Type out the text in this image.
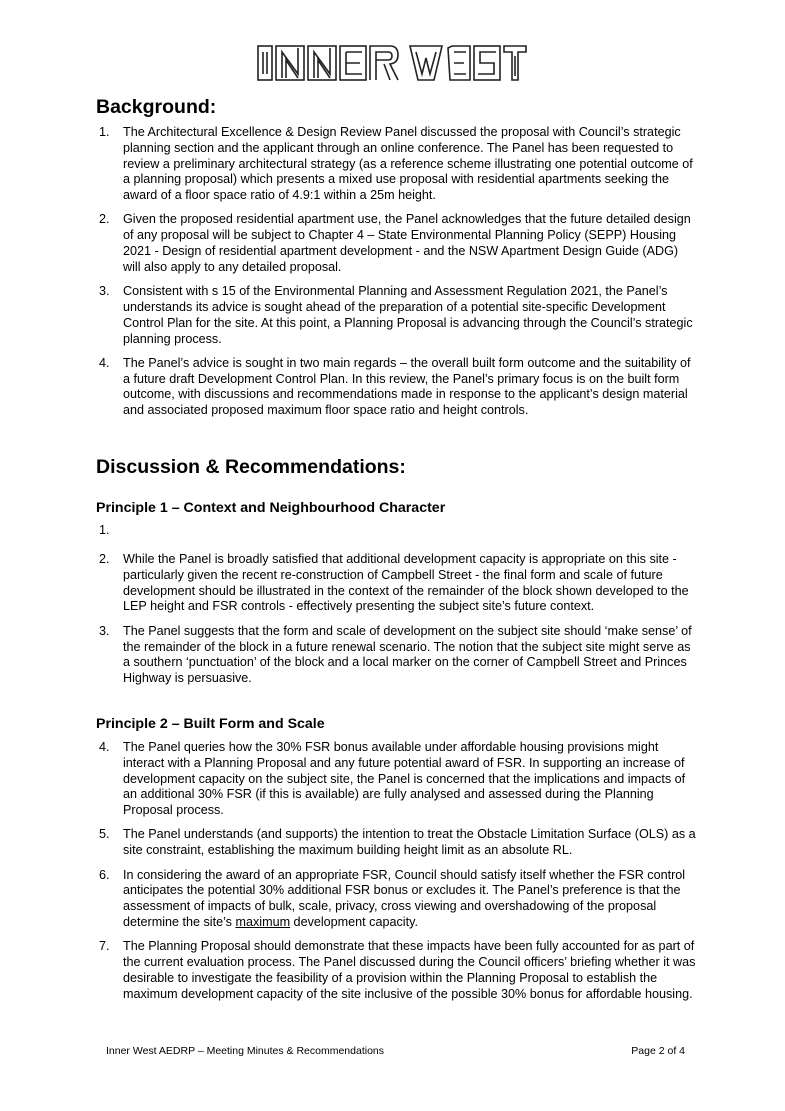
Background:
1. The Architectural Excellence & Design Review Panel discussed the proposal with Council’s strategic planning section and the applicant through an online conference. The Panel has been requested to review a preliminary architectural strategy (as a reference scheme illustrating one potential outcome of a planning proposal) which presents a mixed use proposal with residential apartments seeking the award of a floor space ratio of 4.9:1 within a 25m height.
2. Given the proposed residential apartment use, the Panel acknowledges that the future detailed design of any proposal will be subject to Chapter 4 – State Environmental Planning Policy (SEPP) Housing 2021 - Design of residential apartment development - and the NSW Apartment Design Guide (ADG) will also apply to any detailed proposal.
3. Consistent with s 15 of the Environmental Planning and Assessment Regulation 2021, the Panel’s understands its advice is sought ahead of the preparation of a potential site-specific Development Control Plan for the site. At this point, a Planning Proposal is advancing through the Council’s strategic planning process.
4. The Panel’s advice is sought in two main regards – the overall built form outcome and the suitability of a future draft Development Control Plan. In this review, the Panel’s primary focus is on the built form outcome, with discussions and recommendations made in response to the applicant’s design material and associated proposed maximum floor space ratio and height controls.
Discussion & Recommendations:
Principle 1 – Context and Neighbourhood Character
1.
2. While the Panel is broadly satisfied that additional development capacity is appropriate on this site - particularly given the recent re-construction of Campbell Street - the final form and scale of future development should be illustrated in the context of the remainder of the block shown developed to the LEP height and FSR controls - effectively presenting the subject site’s future context.
3. The Panel suggests that the form and scale of development on the subject site should ‘make sense’ of the remainder of the block in a future renewal scenario. The notion that the subject site might serve as a southern ‘punctuation’ of the block and a local marker on the corner of Campbell Street and Princes Highway is persuasive.
Principle 2 – Built Form and Scale
4. The Panel queries how the 30% FSR bonus available under affordable housing provisions might interact with a Planning Proposal and any future potential award of FSR. In supporting an increase of development capacity on the subject site, the Panel is concerned that the implications and impacts of an additional 30% FSR (if this is available) are fully analysed and assessed during the Planning Proposal process.
5. The Panel understands (and supports) the intention to treat the Obstacle Limitation Surface (OLS) as a site constraint, establishing the maximum building height limit as an absolute RL.
6. In considering the award of an appropriate FSR, Council should satisfy itself whether the FSR control anticipates the potential 30% additional FSR bonus or excludes it. The Panel’s preference is that the assessment of impacts of bulk, scale, privacy, cross viewing and overshadowing of the proposal determine the site’s maximum development capacity.
7. The Planning Proposal should demonstrate that these impacts have been fully accounted for as part of the current evaluation process. The Panel discussed during the Council officers’ briefing whether it was desirable to investigate the feasibility of a provision within the Planning Proposal to establish the maximum development capacity of the site inclusive of the possible 30% bonus for affordable housing.
Inner West AEDRP – Meeting Minutes & Recommendations	Page 2 of 4
